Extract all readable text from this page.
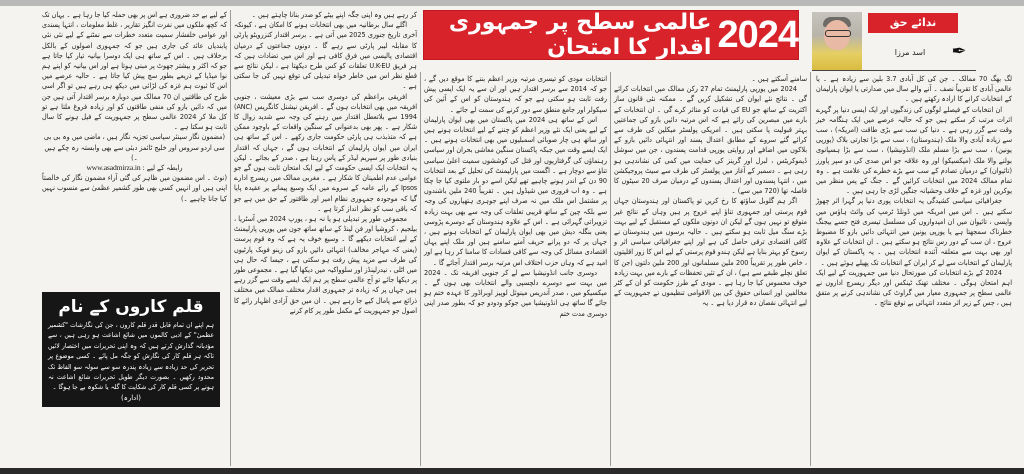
ندائے حق
اسد مرزا	✒
2024
عالمی سطح پر جمہوری اقدار کا امتحان

لگ بھگ 70 ممالک ۔ جن کی کل آبادی 3.7 بلین سے زیادہ ہے ۔ یا عالمی آبادی کا تقریباً نصف ۔ آنے والے سال میں صدارتی یا ایوان پارلیمان کے انتخابات کرانے کا ارادہ رکھتے ہیں ۔

ان انتخابات کے فیصلے لوگوں کی زندگیوں اور ایک ایسی دنیا پر گہرے اثرات مرتب کر سکتے ہیں جو کہ حالیہ عرصے میں ایک ہنگامہ خیز وقت سے گزر رہی ہے ۔ دنیا کی سب سے بڑی طاقت (امریکہ) ، سب سے زیادہ آبادی والا ملک (ہندوستان) ، سب سے بڑا تجارتی بلاک (یورپی یونین) ، سب سے بڑا مسلم ملک (انڈونیشیا) ، سب سے بڑا ہسپانوی بولنے والا ملک (میکسیکو) اور وہ علاقہ جو اس صدی کی دو سپر پاورز (تائیوان) کے درمیان تصادم کے سب سے بڑے خطرے کی علامت ہے ۔ وہ تمام ممالک 2024 میں انتخابات کرائیں گے ۔ جنگ کے پس منظر میں یوکرین اور غزہ کے خلاف وحشیانہ جنگیں لڑی جا رہی ہیں ۔

جغرافیائی سیاسی کشیدگی یہ انتخابات پوری دنیا پر گہرا اثر چھوڑ سکتے ہیں ۔ اس میں امریکہ میں ڈونلڈ ٹرمپ کی وائٹ ہاؤس میں واپسی ، تائیوان میں ان امیدواروں کی مسلسل تیسری فتح جسے بیجنگ خطرناک سمجھتا ہے یا یورپی یونین میں انتہائی دائیں بازو کا مضبوط عروج ، ان سب کے دور رس نتائج ہو سکتے ہیں ۔ ان انتخابات کے علاوہ اور بھی بہت سے متعلقہ آئندہ انتخابات ہیں ۔ یہ پاکستان کے ایوان پارلیمان کے انتخابات سے لے کر ایران کے انتخابات تک پھیلے ہوئے ہیں ۔

2024 کے بڑے انتخابات کی صورتحال دنیا میں جمہوریت کے لیے ایک اہم امتحان ہوگی ۔ مختلف تھنک ٹینکس اور دیگر ریسرچ اداروں نے عالمی سطح پر جمہوری معیار میں گراوٹ کی نشاندہی کرنے پر متفق ہیں ، جس کے زیر اثر متعدد انتہائی بے توقع نتائج ۔

سامنے آسکتے ہیں ۔

2024 میں یورپی پارلیمنٹ تمام 27 رکن ممالک میں انتخابات کرائے گی ۔ نتائج نئے ایوان کی تشکیل کریں گے ۔ ممکنہ نئی قانون ساز اکثریت کے ساتھ جو EU کی قیادت کو متاثر کرے گی ۔ ان انتخابات کے بارے میں مبصرین کی رائے ہے کہ اس مرتبہ دائیں بازو کی جماعتیں بہتر قبولیت پا سکتی ہیں ۔ امریکی پولسٹر میکلین کی طرف سے کرائے گئے سروے کے مطابق اعتدال پسند اور انتہائی دائیں بازو کے بلاکوں میں اضافے اور روایتی یورپی قدامت پسندوں ، جن میں سوشل ڈیموکریٹس ، لبرل اور گرینز کی حمایت میں کمی کی نشاندہی ہو رہی ہے ۔ دسمبر کے آغاز میں پولسٹر کی طرف سے سیٹ پروجیکشن میں ، انتہا پسندوں اور اعتدال پسندوں کے درمیان صرف 20 سیٹوں کا فاصلہ تھا (720 میں سے) ۔

اگر ہم گلوبل ساؤتھ کا رخ کریں تو پاکستان اور ہندوستان جہاں قوم پرستی اور جمہوری تناؤ اپنے عروج پر ہیں وہاں کے نتائج غیر متوقع تو نہیں ہوں گے لیکن ان دونوں ملکوں کے مستقبل کے لیے بہت بڑے سنگ میل ثابت ہو سکتے ہیں ۔ حالیہ برسوں میں ہندوستان نے کافی اقتصادی ترقی حاصل کی ہے اور اپنے جغرافیائی سیاسی اثر و رسوخ کو بہتر بنایا ہے لیکن ہندو قوم پرستی کے لیے اس کا زور اقلیتوں ، خاص طور پر تقریباً 200 ملین مسلمانوں اور 200 ملین دلتوں (جن کا تعلق نچلے طبقے سے ہے) ، ان کے تئیں تحفظات کے بارے میں بہت زیادہ خوف محسوس کیا جا رہا ہے ۔ مودی کے طرز حکومت کو ان کے کٹر مخالفین اور انسانی حقوق کی بین الاقوامی تنظیموں نے جمہوریت کے لیے انتہائی نقصان دہ قرار دیا ہے ۔ یہ

انتخابات مودی کو تیسری مرتبہ وزیر اعظم بننے کا موقع دیں گے ، جو کہ 2014 سے برسر اقتدار ہیں اور ان سے یہ ایک ایسی پیش رفت ثابت ہو سکتی ہے جو کہ ہندوستان کو اس کے آئین کی سیکولر اور جامع منطق سے دور کرنے کی سمت لے جائے ۔

اس کے ساتھ ہی 2024 میں پاکستان میں بھی ایوان پارلیمان کے لیے یعنی ایک نئے وزیر اعظم کو چننے کے لیے انتخابات ہونے ہیں اور ساتھ ہی چار صوبائی اسمبلیوں میں بھی انتخابات ہونے ہیں ۔ ایک ایسے وقت میں جبکہ پاکستان سنگین معاشی بحران اور سیاسی رہنماؤں کی گرفتاریوں اور قتل کی کوششوں سمیت اعلیٰ سیاسی تناؤ سے دوچار ہے ۔ اگست میں پارلیمنٹ کی تحلیل کے بعد انتخابات 90 دن کے اندر ہونے چاہیے تھے لیکن اسے دو بار ملتوی کیا جا چکا ہے ۔ وہ اب فروری میں شیڈول ہیں ۔ تقریباً 240 ملین باشندوں پر مشتمل اس ملک میں نہ صرف اپنے جوہری ہتھیاروں کی وجہ سے بلکہ چین کے ساتھ قریبی تعلقات کی وجہ سے بھی بہت زیادہ تزویراتی گہرائی ہے ۔ اس کے علاوہ ہندوستان کے دوسرے پڑوسی یعنی بنگلہ دیش میں بھی ایوان پارلیمان کے انتخابات ہونے ہیں ، جہاں پر کہ دو پرانے حریف آمنے سامنے ہیں اور ملک اپنے یہاں اقتصادی مسائل کی وجہ سے کافی فسادات کا سامنا کر رہا ہے اور امید ہے کہ وہاں حزب اختلاف اس مرتبہ برسر اقتدار آجائے گا ۔

دوسری جانب انڈونیشیا سے لے کر جنوبی افریقہ تک ۔ 2024 میں بہت سے دوسرے دلچسپی والے انتخابات بھی ہوں گے ۔ میکسیکو میں ، صدر آندریس مینوئل لوپیز اوبراڈور کا عہدہ ختم ہو جائے گا ساتھ ہی انڈونیشیا میں جوکو ودودو جو کہ بطور صدر اپنی دوسری مدت ختم

کر رہے ہیں وہ اپنی جگہ اپنے بیٹے کو صدر بنانا چاہتے ہیں ۔

اگلے سال برطانیہ میں بھی انتخابات ہونے کا امکان ہے ، کیونکہ آخری تاریخ جنوری 2025 میں آتی ہے ۔ برسر اقتدار کنزرویٹو پارٹی کا مقابلہ لیبر پارٹی سے رہے گا ۔ دونوں جماعتوں کے درمیان اقتصادی پالیسی میں فرق کافی ہے اور اس میں تضادات ہیں کہ ہر فریق U.K-EU تعلقات کو کس طرح دیکھتا ہے ، لیکن نتائج سے قطع نظر اس میں خاطر خواہ تبدیلی کی توقع نہیں کی جا سکتی ہے ۔

افریقی براعظم کی دوسری سب سے بڑی معیشت ، جنوبی افریقہ میں بھی انتخابات ہوں گے ۔ افریقن نیشنل کانگریس (ANC) 1994 سے بلاتعطل اقتدار میں رہنے کی وجہ سے شدید زوال کا شکار ہے ۔ پھر بھی بدعنوانی کے سنگین واقعات کے باوجود ممکن ہے کہ متذبذب ہی پارٹی حکومت جاری رکھے ۔ اس کے ساتھ ہی ایران میں ایوان پارلیمان کے انتخابات ہوں گے ، جہاں کہ اقتدار بنیادی طور پر سپریم لیڈر کے پاس رہتا ہے ، صدر کے بجائے ۔ لیکن یہ انتخابات ایک ایسی حکومت کے لیے ایک امتحان ثابت ہوں گے جو عوامی عدم اطمینان کا شکار ہے ۔ مغربی ممالک میں ریسرچ ادارے Ipsos کے رائے عامہ کے سروے میں ایک وسیع پیمانے پر عقیدہ پایا گیا کہ موجودہ جمہوری نظام امیر اور طاقتور کے حق میں ہے جو کہ باقی سب کو نظر انداز کرتا ہے ۔

مجموعی طور پر تبدیلی ہو یا نہ ہو ، یورپ 2024 میں آسٹریا ، بیلجیم ، کروشیا اور فن لینڈ کے ساتھ ساتھ جون میں یورپی پارلیمنٹ کے لیے انتخابات دیکھے گا ۔ وسیع خوف یہ ہے کہ وہ قوم پرست (یعنی کہ مہاجر مخالف) انتہائی دائیں بازو کی زینو فوبک پارٹیوں کی طرف سے مزید پیش رفت ہو سکتی ہے ، جیسا کہ حال ہی میں اٹلی ، نیدرلینڈز اور سلوواکیہ میں دیکھا گیا ہے ۔ مجموعی طور پر دیکھا جائے تو آج عالمی سطح پر ہم ایک ایسے وقت سے گزر رہے ہیں جہاں پر کہ زیادہ تر جمہوری اقدار مختلف ممالک میں مختلف ذرائع سے پامال کیے جا رہے ہیں ۔ ان میں حق آزادی اظہار رائے کا اصول جو جمہوریت کے مکمل طور پر کام کرنے

کے لیے بے حد ضروری ہے اس پر بھی حملہ کیا جا رہا ہے ۔ یہاں تک کہ کچھ ملکوں میں نفرت انگیز تقاریر ، غلط معلومات ، انتہا پسندی اور عوامی خلفشار سمیت متعدد خطرات سے نمٹنے کے لیے نئی نئی پابندیاں عائد کی جاری ہیں جو کہ جمہوری اصولوں کے بالکل برخلاف ہیں ۔ اس کے ساتھ ہی ایک دوسرا بیانیہ تیار کیا جاتا ہے جو کہ اکثر و بیشتر جھوٹ پر مبنی ہوتا ہے اور اس بیانیہ کو اپنے ہم نوا میڈیا کے ذریعے بطور سچ پیش کیا جاتا ہے ۔ حالیہ عرصے میں اس کا ثبوت ہم غزہ کی لڑائی میں دیکھ ہی رہے ہیں تو اگر اسی طرح کی طاقتیں ان 70 ممالک میں دوبارہ برسر اقتدار آتی ہیں جن میں کہ دائیں بازو کی منفی طاقتوں کو اور زیادہ فروغ ملتا ہے تو کل ملا کر 2024 عالمی سطح پر جمہوریت کے فیل ہونے کا سال ثابت ہو سکتا ہے ۔

(مضمون نگار سینئر سیاسی تجزیہ نگار ہیں ، ماضی میں وہ بی بی سی اردو سروس اور خلیج ٹائمز دبئی سے بھی وابستہ رہ چکے ہیں ۔)

رابطہ کے لیے : www.asadmirza.in

(نوٹ ۔ اس مضمون میں ظاہر کی گئی آراء مضمون نگار کی خالصتاً اپنی ہیں اور انہیں کسی بھی طور کشمیر عظمیٰ سے منسوب نہیں کیا جانا چاہیے ۔)

قلم کاروں کے نام
ہم اپنے ان تمام قابل قدر قلم کاروں ، جن کی نگارشات "کشمیر عظمیٰ" کے ادبی کالموں میں شائع اشاعت ہو رہی ہیں ، سے مؤدبانہ گذارش کرتے ہیں کہ وہ اپنی تحریرات میں اختصار لائیں تاکہ ہر قلم کار کی نگارش کو جگہ مل پائے ۔ کسی موضوع پر تحریر کی حد زیادہ سے زیادہ پندرہ سو سے سولہ سو الفاظ تک محدود رکھیں ۔ بصورت دیگر طویل تحریرات شائع اشاعت نہ ہونے پر کسی قلم کار کی شکایت کا گلہ یا شکوہ بے جا ہوگا ۔
(ادارہ)
